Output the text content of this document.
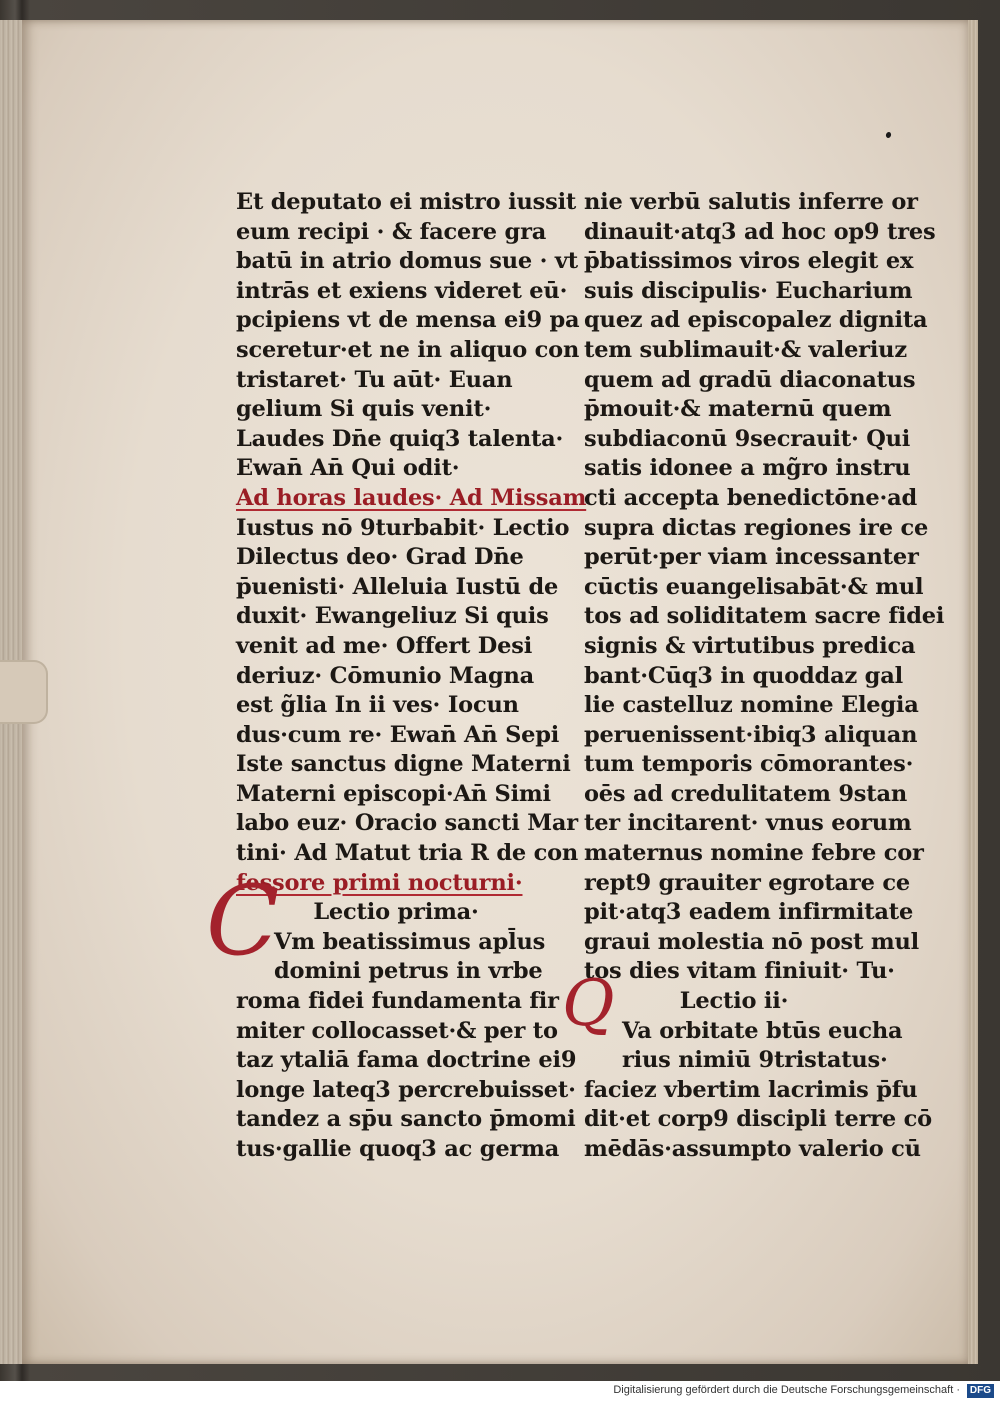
Et deputato ei mistro iussit
eum recipi · & facere gra
batū in atrio domus sue · vt
intrās et exiens videret eū·
pcipiens vt de mensa ei9 pa
sceretur·et ne in aliquo con
tristaret· Tu aūt· Euan
gelium Si quis venit·
Laudes Dn̄e quiq3 talenta·
Ewan̄ An̄ Qui odit·
Ad horas laudes· Ad Missam
Iustus nō 9turbabit· Lectio
Dilectus deo· Grad Dn̄e
p̄uenisti· Alleluia Iustū de
duxit· Ewangeliuz Si quis
venit ad me· Offert Desi
deriuz· Cōmunio Magna
est g̃lia In ii ves· Iocun
dus·cum re· Ewan̄ An̄ Sepi
Iste sanctus digne Materni
Materni episcopi·An̄ Simi
labo euz· Oracio sancti Mar
tini· Ad Matut tria R de con
fessore primi nocturni·
Lectio prima·
Vm beatissimus apl̄us
domini petrus in vrbe
roma fidei fundamenta fir
miter collocasset·& per to
taz ytaliā fama doctrine ei9
longe lateq3 percrebuisset·
tandez a sp̄u sancto p̄momi
tus·gallie quoq3 ac germa
C
nie verbū salutis inferre or
dinauit·atq3 ad hoc op9 tres
p̄batissimos viros elegit ex
suis discipulis· Eucharium
quez ad episcopalez dignita
tem sublimauit·& valeriuz
quem ad gradū diaconatus
p̄mouit·& maternū quem
subdiaconū 9secrauit· Qui
satis idonee a mg̃ro instru
cti accepta benedictōne·ad
supra dictas regiones ire ce
perūt·per viam incessanter
cūctis euangelisabāt·& mul
tos ad soliditatem sacre fidei
signis & virtutibus predica
bant·Cūq3 in quoddaz gal
lie castelluz nomine Elegia
peruenissent·ibiq3 aliquan
tum temporis cōmorantes·
oēs ad credulitatem 9stan
ter incitarent· vnus eorum
maternus nomine febre cor
rept9 grauiter egrotare ce
pit·atq3 eadem infirmitate
graui molestia nō post mul
tos dies vitam finiuit· Tu·
Lectio ii·
Va orbitate btūs eucha
rius nimiū 9tristatus·
faciez vbertim lacrimis p̄fu
dit·et corp9 discipli terre cō
mēdās·assumpto valerio cū
Q
Digitalisierung gefördert durch die Deutsche Forschungsgemeinschaft · DFG
